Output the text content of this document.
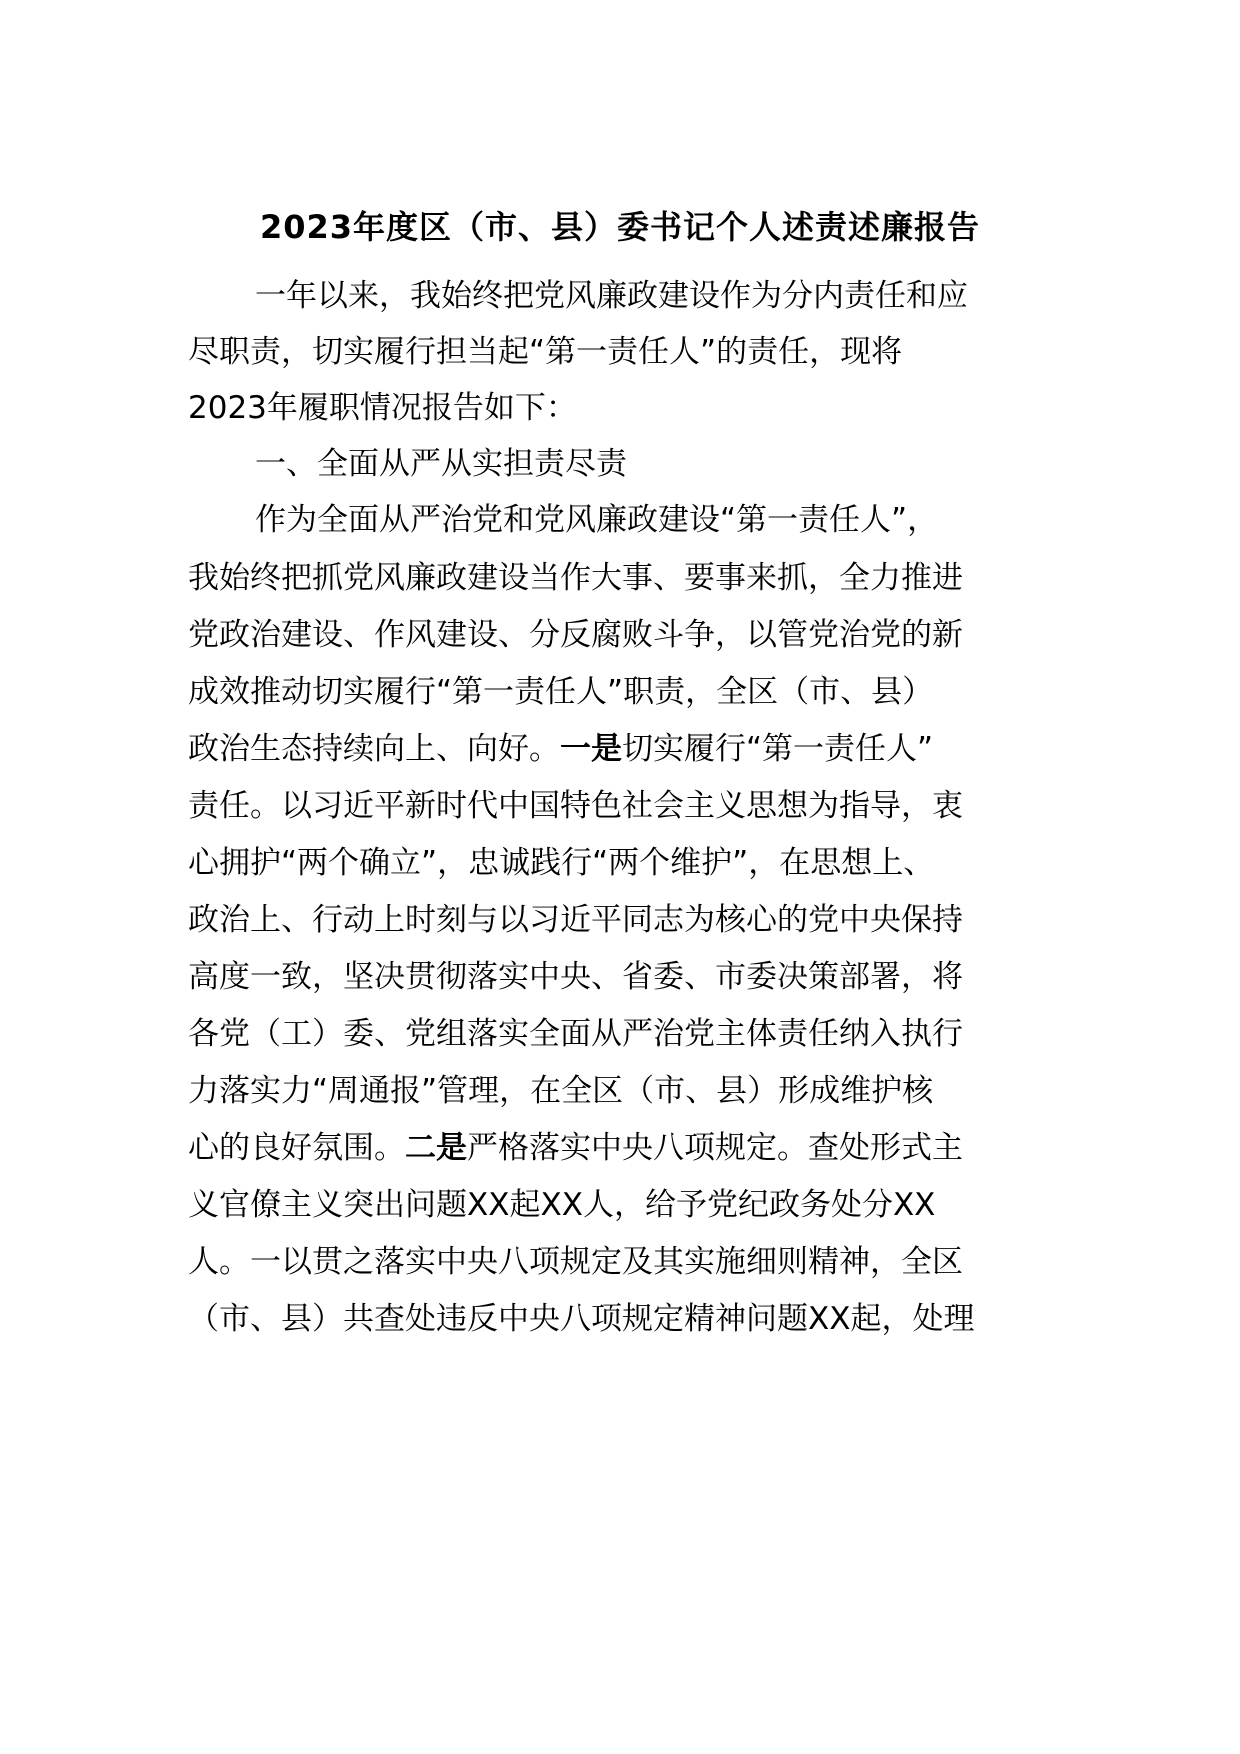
2023年度区（市、县）委书记个人述责述廉报告
一年以来，我始终把党风廉政建设作为分内责任和应
尽职责，切实履行担当起“第一责任人”的责任，现将
2023年履职情况报告如下：
一、全面从严从实担责尽责
作为全面从严治党和党风廉政建设“第一责任人”，
我始终把抓党风廉政建设当作大事、要事来抓，全力推进
党政治建设、作风建设、分反腐败斗争，以管党治党的新
成效推动切实履行“第一责任人”职责，全区（市、县）
政治生态持续向上、向好。一是切实履行“第一责任人”
责任。以习近平新时代中国特色社会主义思想为指导，衷
心拥护“两个确立”，忠诚践行“两个维护”，在思想上、
政治上、行动上时刻与以习近平同志为核心的党中央保持
高度一致，坚决贯彻落实中央、省委、市委决策部署，将
各党（工）委、党组落实全面从严治党主体责任纳入执行
力落实力“周通报”管理，在全区（市、县）形成维护核
心的良好氛围。二是严格落实中央八项规定。查处形式主
义官僚主义突出问题XX起XX人，给予党纪政务处分XX
人。一以贯之落实中央八项规定及其实施细则精神，全区
（市、县）共查处违反中央八项规定精神问题XX起，处理
